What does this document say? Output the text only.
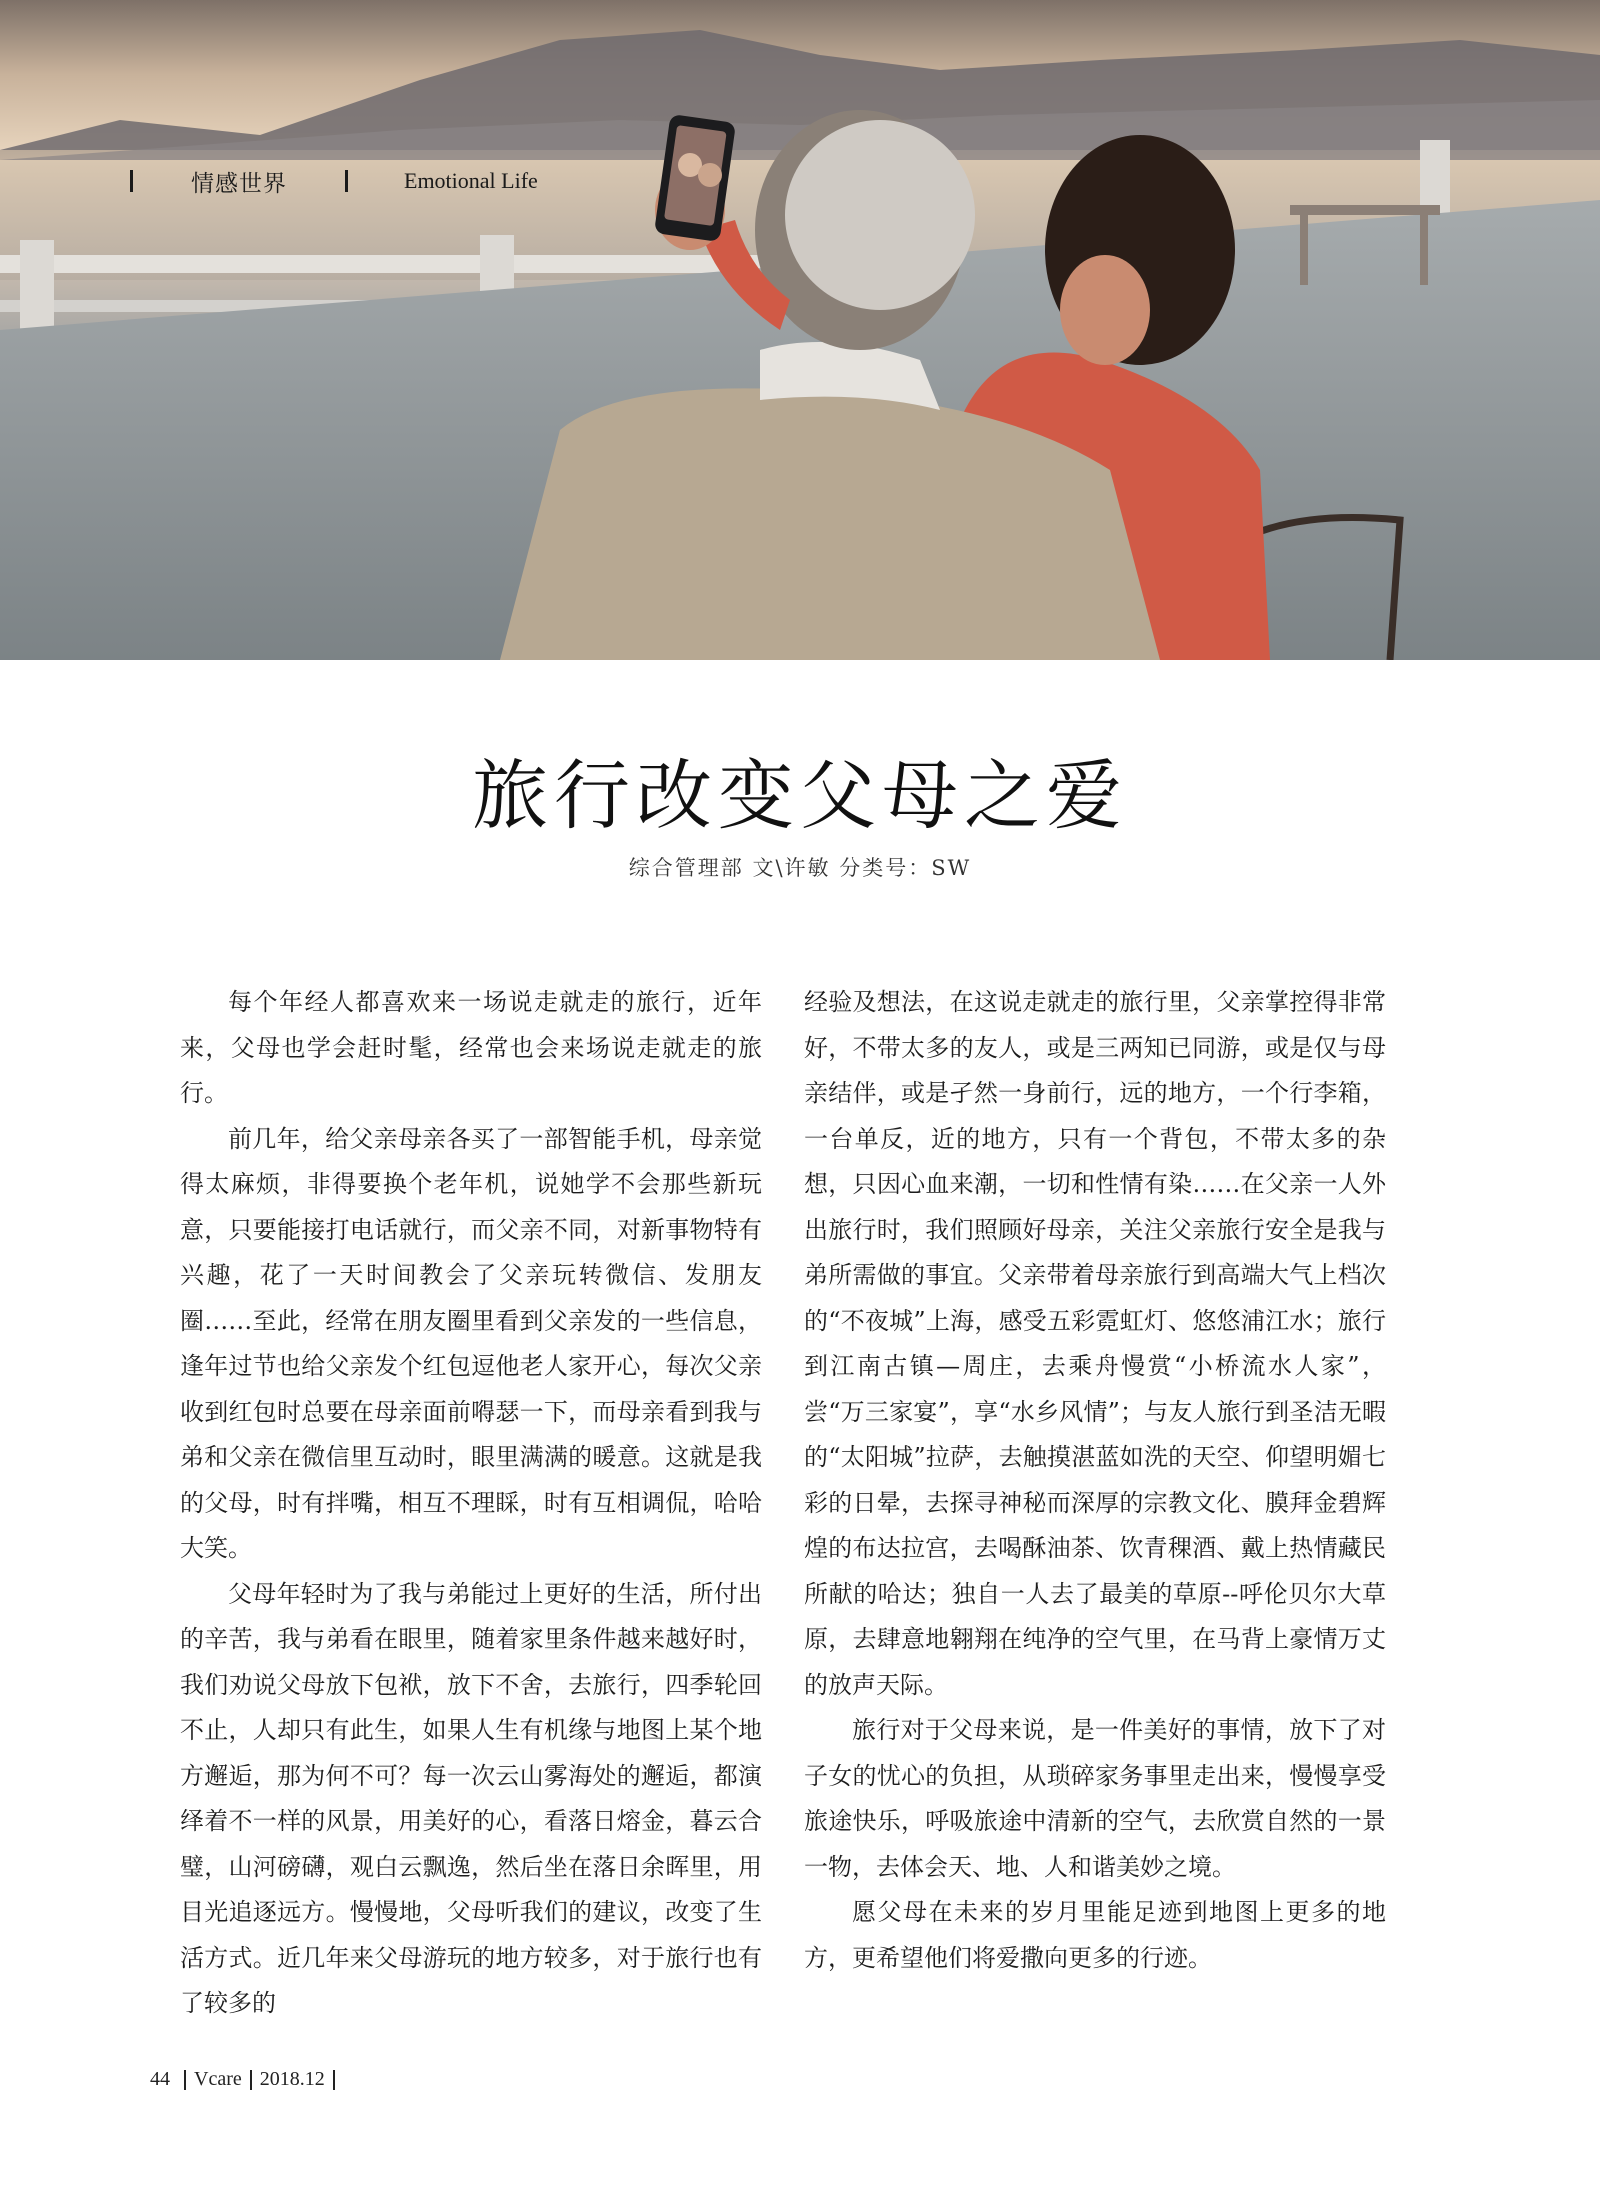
情感世界	Emotional Life
旅行改变父母之爱
综合管理部 文\许敏 分类号：SW

每个年经人都喜欢来一场说走就走的旅行，近年来，父母也学会赶时髦，经常也会来场说走就走的旅行。

前几年，给父亲母亲各买了一部智能手机，母亲觉得太麻烦，非得要换个老年机，说她学不会那些新玩意，只要能接打电话就行，而父亲不同，对新事物特有兴趣，花了一天时间教会了父亲玩转微信、发朋友圈……至此，经常在朋友圈里看到父亲发的一些信息，逢年过节也给父亲发个红包逗他老人家开心，每次父亲收到红包时总要在母亲面前嘚瑟一下，而母亲看到我与弟和父亲在微信里互动时，眼里满满的暖意。这就是我的父母，时有拌嘴，相互不理睬，时有互相调侃，哈哈大笑。

父母年轻时为了我与弟能过上更好的生活，所付出的辛苦，我与弟看在眼里，随着家里条件越来越好时，我们劝说父母放下包袱，放下不舍，去旅行，四季轮回不止，人却只有此生，如果人生有机缘与地图上某个地方邂逅，那为何不可？每一次云山雾海处的邂逅，都演绎着不一样的风景，用美好的心，看落日熔金，暮云合璧，山河磅礴，观白云飘逸，然后坐在落日余晖里，用目光追逐远方。慢慢地，父母听我们的建议，改变了生活方式。近几年来父母游玩的地方较多，对于旅行也有了较多的

经验及想法，在这说走就走的旅行里，父亲掌控得非常好，不带太多的友人，或是三两知已同游，或是仅与母亲结伴，或是孑然一身前行，远的地方，一个行李箱，一台单反，近的地方，只有一个背包，不带太多的杂想，只因心血来潮，一切和性情有染……在父亲一人外出旅行时，我们照顾好母亲，关注父亲旅行安全是我与弟所需做的事宜。父亲带着母亲旅行到高端大气上档次的“不夜城”上海，感受五彩霓虹灯、悠悠浦江水；旅行到江南古镇—周庄，去乘舟慢赏“小桥流水人家”，尝“万三家宴”，享“水乡风情”；与友人旅行到圣洁无暇的“太阳城”拉萨，去触摸湛蓝如洗的天空、仰望明媚七彩的日晕，去探寻神秘而深厚的宗教文化、膜拜金碧辉煌的布达拉宫，去喝酥油茶、饮青稞酒、戴上热情藏民所献的哈达；独自一人去了最美的草原--呼伦贝尔大草原，去肆意地翱翔在纯净的空气里，在马背上豪情万丈的放声天际。

旅行对于父母来说，是一件美好的事情，放下了对子女的忧心的负担，从琐碎家务事里走出来，慢慢享受旅途快乐，呼吸旅途中清新的空气，去欣赏自然的一景一物，去体会天、地、人和谐美妙之境。

愿父母在未来的岁月里能足迹到地图上更多的地方，更希望他们将爱撒向更多的行迹。

44 Vcare 2018.12
